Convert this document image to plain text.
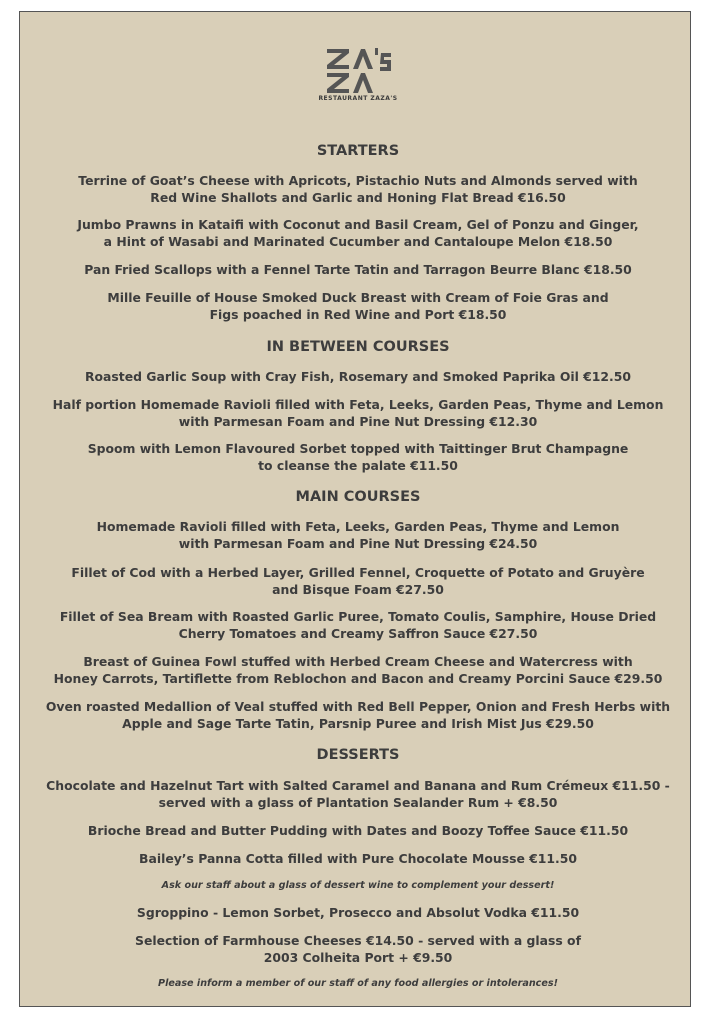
RESTAURANT ZAZA'S
STARTERS
Terrine of Goat’s Cheese with Apricots, Pistachio Nuts and Almonds served with
Red Wine Shallots and Garlic and Honing Flat Bread €16.50
Jumbo Prawns in Kataifi with Coconut and Basil Cream, Gel of Ponzu and Ginger,
a Hint of Wasabi and Marinated Cucumber and Cantaloupe Melon €18.50
Pan Fried Scallops with a Fennel Tarte Tatin and Tarragon Beurre Blanc €18.50
Mille Feuille of House Smoked Duck Breast with Cream of Foie Gras and
Figs poached in Red Wine and Port €18.50
IN BETWEEN COURSES
Roasted Garlic Soup with Cray Fish, Rosemary and Smoked Paprika Oil €12.50
Half portion Homemade Ravioli filled with Feta, Leeks, Garden Peas, Thyme and Lemon
with Parmesan Foam and Pine Nut Dressing €12.30
Spoom with Lemon Flavoured Sorbet topped with Taittinger Brut Champagne
to cleanse the palate €11.50
MAIN COURSES
Homemade Ravioli filled with Feta, Leeks, Garden Peas, Thyme and Lemon
with Parmesan Foam and Pine Nut Dressing €24.50
Fillet of Cod with a Herbed Layer, Grilled Fennel, Croquette of Potato and Gruyère
and Bisque Foam €27.50
Fillet of Sea Bream with Roasted Garlic Puree, Tomato Coulis, Samphire, House Dried
Cherry Tomatoes and Creamy Saffron Sauce €27.50
Breast of Guinea Fowl stuffed with Herbed Cream Cheese and Watercress with
Honey Carrots, Tartiflette from Reblochon and Bacon and Creamy Porcini Sauce €29.50
Oven roasted Medallion of Veal stuffed with Red Bell Pepper, Onion and Fresh Herbs with
Apple and Sage Tarte Tatin, Parsnip Puree and Irish Mist Jus €29.50
DESSERTS
Chocolate and Hazelnut Tart with Salted Caramel and Banana and Rum Crémeux €11.50 -
served with a glass of Plantation Sealander Rum + €8.50
Brioche Bread and Butter Pudding with Dates and Boozy Toffee Sauce €11.50
Bailey’s Panna Cotta filled with Pure Chocolate Mousse €11.50
Ask our staff about a glass of dessert wine to complement your dessert!
Sgroppino - Lemon Sorbet, Prosecco and Absolut Vodka €11.50
Selection of Farmhouse Cheeses €14.50 - served with a glass of
2003 Colheita Port + €9.50
Please inform a member of our staff of any food allergies or intolerances!
